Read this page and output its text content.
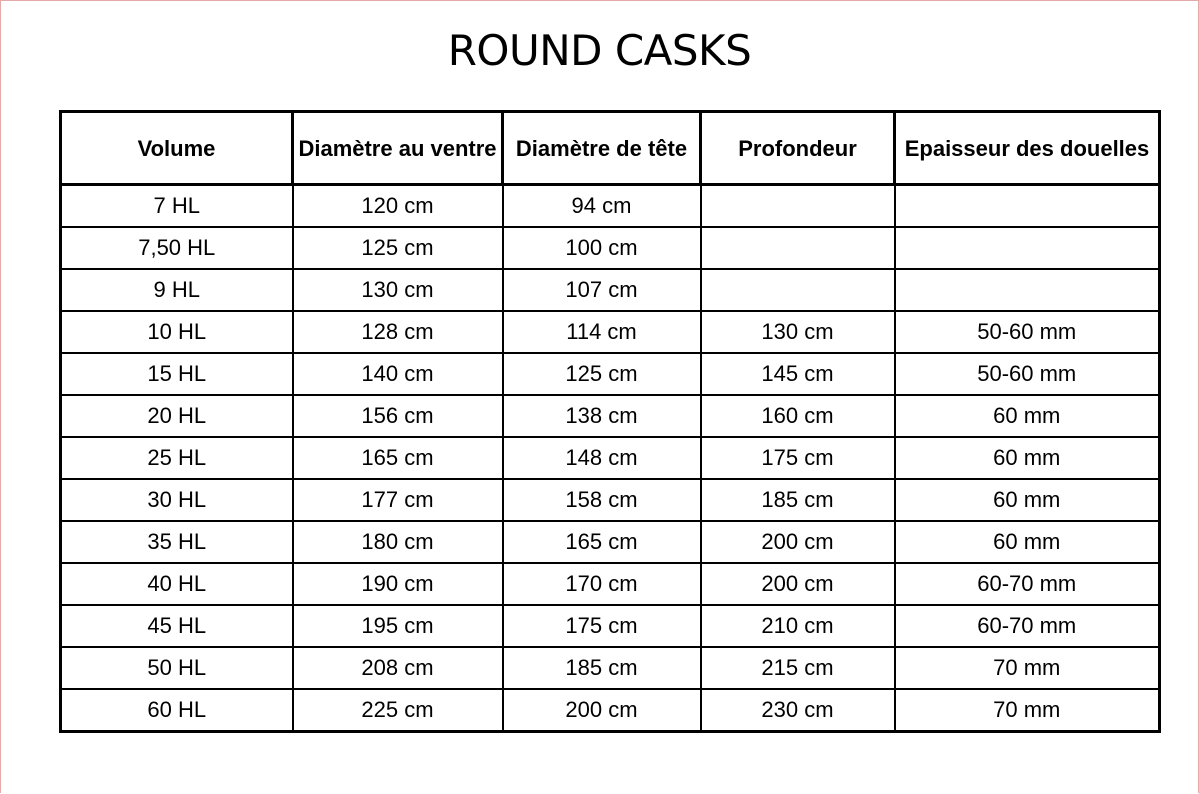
ROUND CASKS
Volume	Diamètre au ventre	Diamètre de tête	Profondeur	Epaisseur des douelles
7 HL	120 cm	94 cm		
7,50 HL	125 cm	100 cm		
9 HL	130 cm	107 cm		
10 HL	128 cm	114 cm	130 cm	50-60 mm
15 HL	140 cm	125 cm	145 cm	50-60 mm
20 HL	156 cm	138 cm	160 cm	60 mm
25 HL	165 cm	148 cm	175 cm	60 mm
30 HL	177 cm	158 cm	185 cm	60 mm
35 HL	180 cm	165 cm	200 cm	60 mm
40 HL	190 cm	170 cm	200 cm	60-70 mm
45 HL	195 cm	175 cm	210 cm	60-70 mm
50 HL	208 cm	185 cm	215 cm	70 mm
60 HL	225 cm	200 cm	230 cm	70 mm
